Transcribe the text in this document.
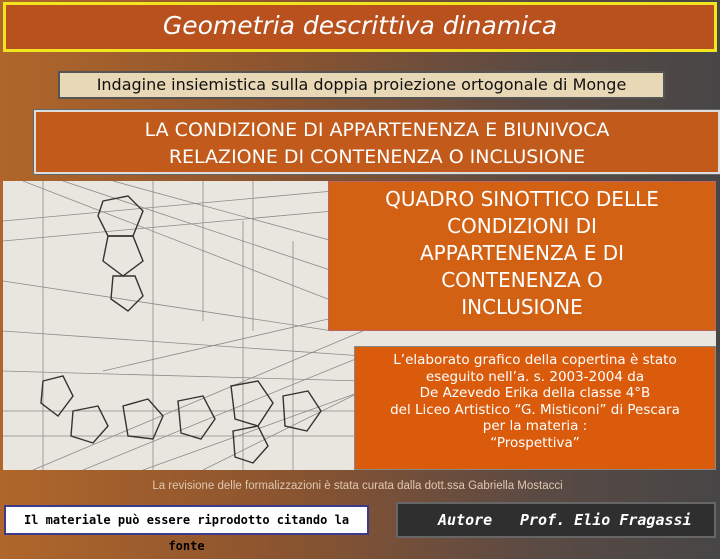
Geometria descrittiva dinamica
Indagine insiemistica sulla doppia proiezione ortogonale di Monge
LA CONDIZIONE DI APPARTENENZA E BIUNIVOCA
RELAZIONE DI CONTENENZA O INCLUSIONE
QUADRO SINOTTICO DELLE
CONDIZIONI DI
APPARTENENZA E DI
CONTENENZA O
INCLUSIONE
L’elaborato grafico della copertina è stato
eseguito nell’a. s. 2003-2004 da
De Azevedo Erika della classe 4°B
del Liceo Artistico “G. Misticoni” di Pescara
per la materia :
“Prospettiva”
La revisione delle formalizzazioni è stata curata dalla dott.ssa Gabriella Mostacci
Il materiale può essere riprodotto citando la fonte
Autore Prof. Elio Fragassi
